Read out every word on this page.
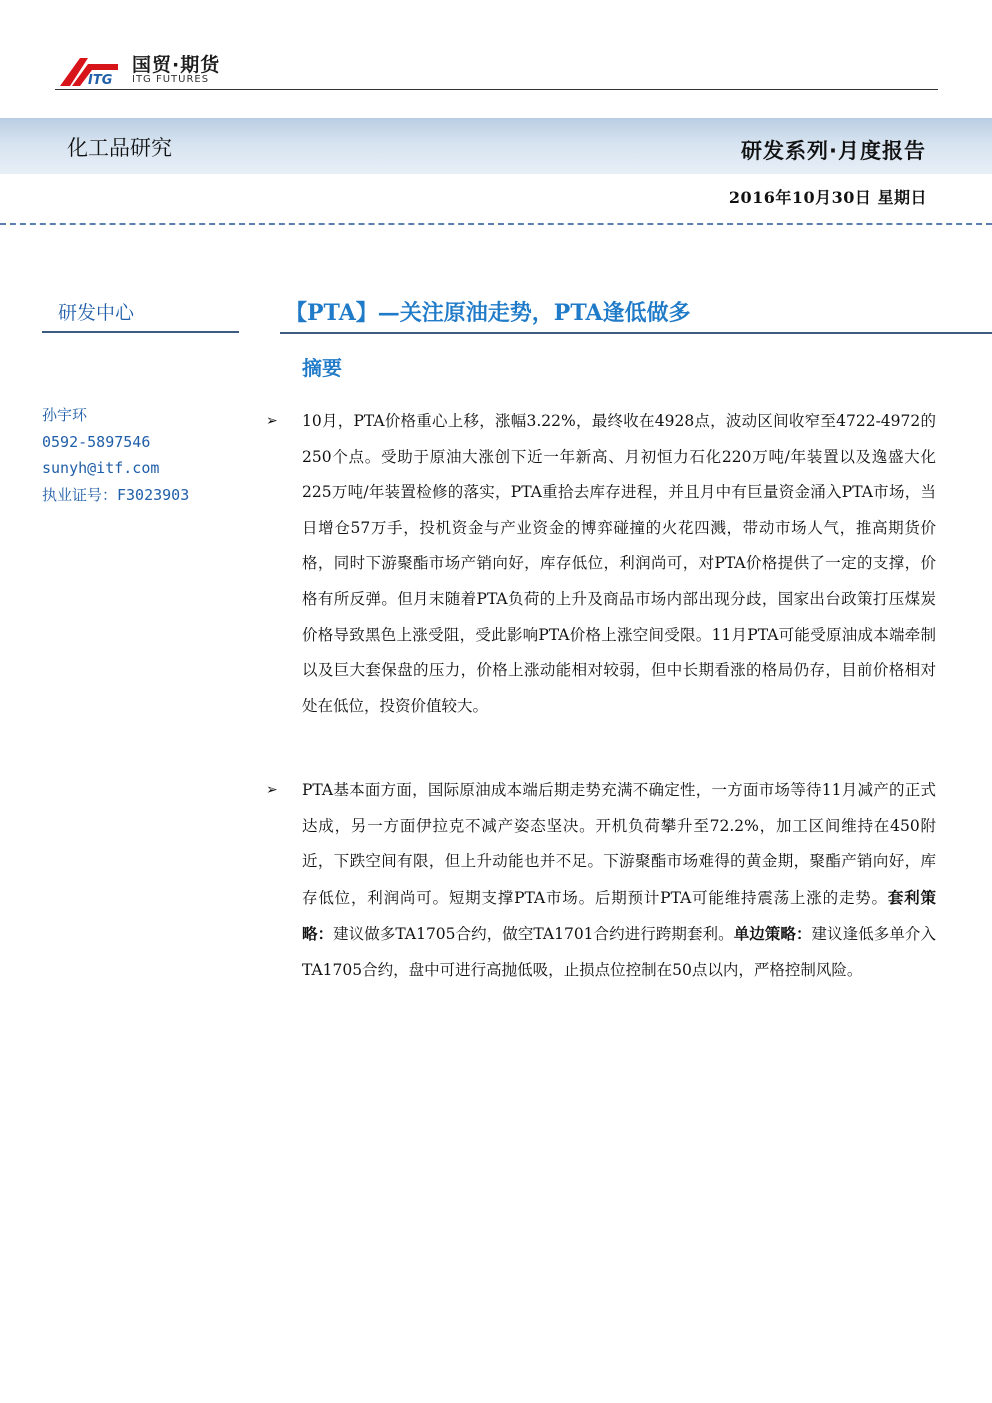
ITG
国贸·期货
ITG FUTURES
化工品研究	研发系列·月度报告
2016年10月30日 星期日
研发中心
孙宇环
0592-5897546
sunyh@itf.com
执业证号：F3023903
【PTA】—关注原油走势，PTA逢低做多
摘要
➢ 10月，PTA价格重心上移，涨幅3.22%，最终收在4928点，波动区间收窄至4722-4972的250个点。受助于原油大涨创下近一年新高、月初恒力石化220万吨/年装置以及逸盛大化225万吨/年装置检修的落实，PTA重拾去库存进程，并且月中有巨量资金涌入PTA市场，当日增仓57万手，投机资金与产业资金的博弈碰撞的火花四溅，带动市场人气，推高期货价格，同时下游聚酯市场产销向好，库存低位，利润尚可，对PTA价格提供了一定的支撑，价格有所反弹。但月末随着PTA负荷的上升及商品市场内部出现分歧，国家出台政策打压煤炭价格导致黑色上涨受阻，受此影响PTA价格上涨空间受限。11月PTA可能受原油成本端牵制以及巨大套保盘的压力，价格上涨动能相对较弱，但中长期看涨的格局仍存，目前价格相对处在低位，投资价值较大。
➢ PTA基本面方面，国际原油成本端后期走势充满不确定性，一方面市场等待11月减产的正式达成，另一方面伊拉克不减产姿态坚决。开机负荷攀升至72.2%，加工区间维持在450附近，下跌空间有限，但上升动能也并不足。下游聚酯市场难得的黄金期，聚酯产销向好，库存低位，利润尚可。短期支撑PTA市场。后期预计PTA可能维持震荡上涨的走势。套利策略：建议做多TA1705合约，做空TA1701合约进行跨期套利。单边策略：建议逢低多单介入TA1705合约，盘中可进行高抛低吸，止损点位控制在50点以内，严格控制风险。
